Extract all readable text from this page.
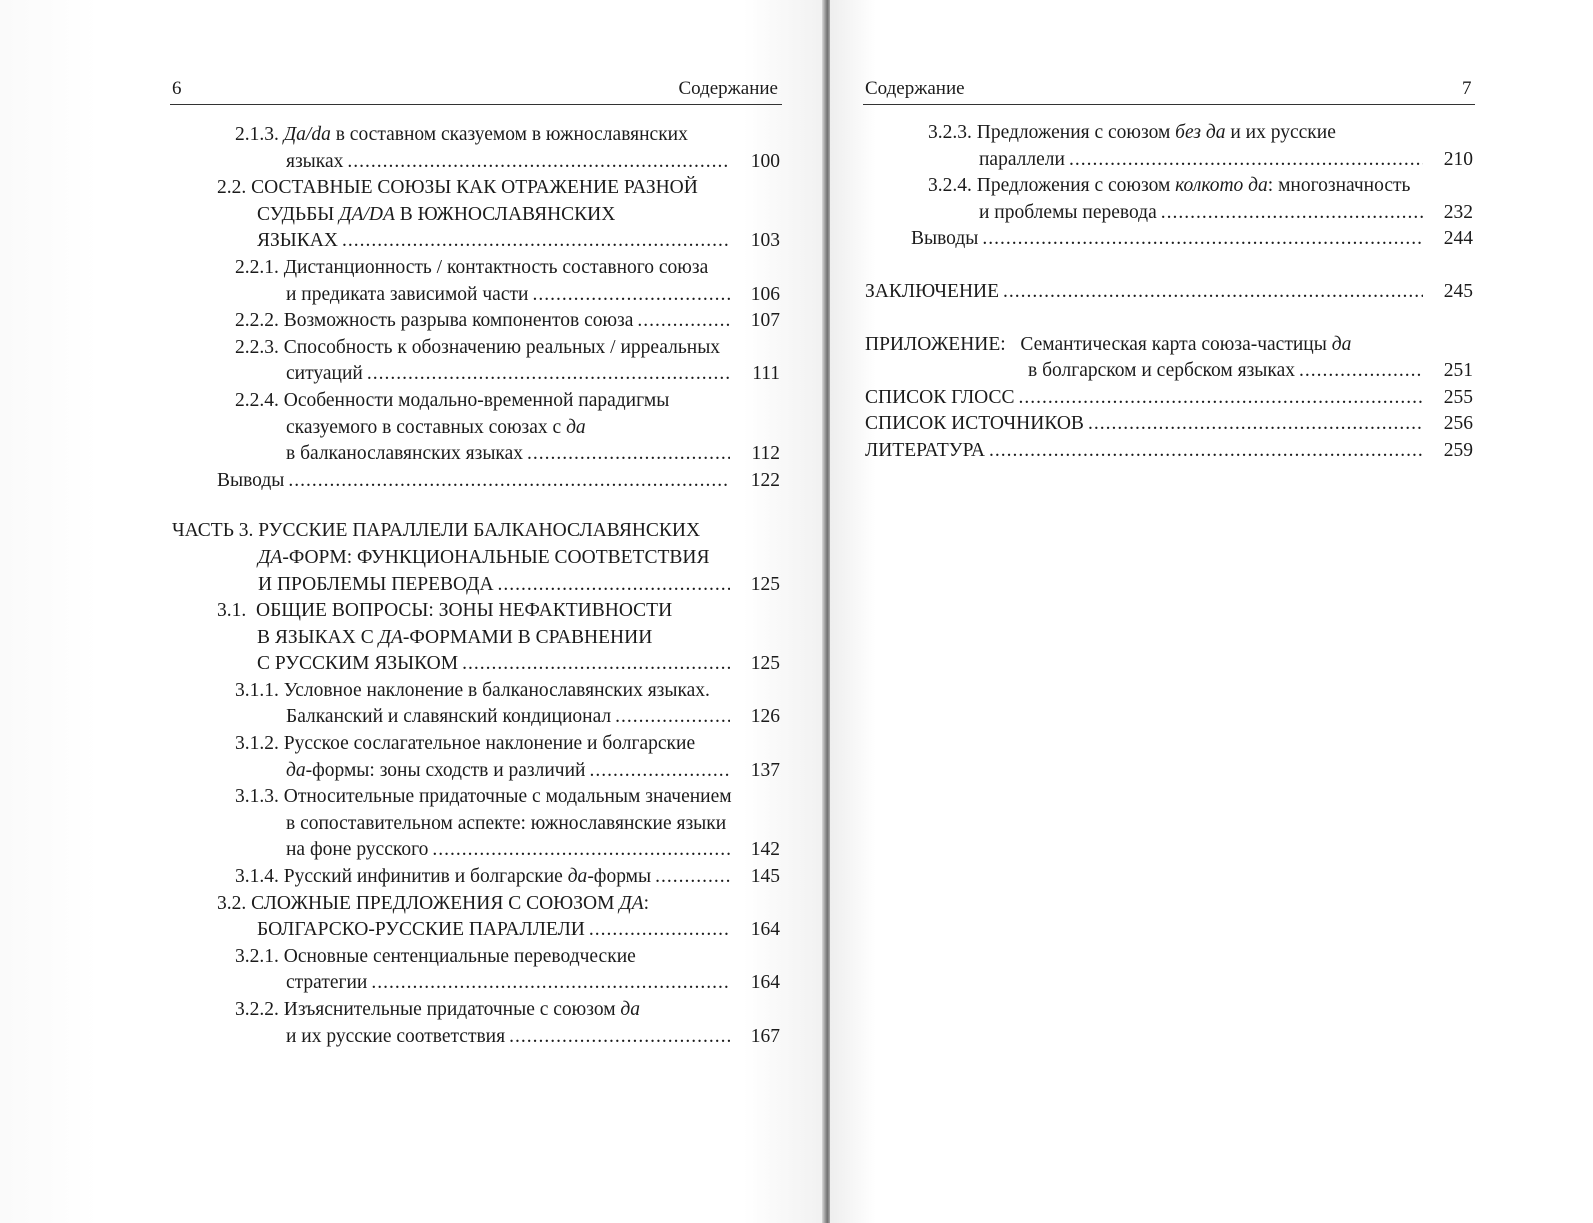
6	Содержание
2.1.3. Да/da в составном сказуемом в южнославянских
языках .....	100
2.2. СОСТАВНЫЕ СОЮЗЫ КАК ОТРАЖЕНИЕ РАЗНОЙ
СУДЬБЫ ДА/DA В ЮЖНОСЛАВЯНСКИХ
ЯЗЫКАХ .....	103
2.2.1. Дистанционность / контактность составного союза
и предиката зависимой части .....	106
2.2.2. Возможность разрыва компонентов союза .....	107
2.2.3. Способность к обозначению реальных / ирреальных
ситуаций .....	111
2.2.4. Особенности модально-временной парадигмы
сказуемого в составных союзах с да
в балканославянских языках .....	112
Выводы .....	122
ЧАСТЬ 3. РУССКИЕ ПАРАЛЛЕЛИ БАЛКАНОСЛАВЯНСКИХ
ДА-ФОРМ: ФУНКЦИОНАЛЬНЫЕ СООТВЕТСТВИЯ
И ПРОБЛЕМЫ ПЕРЕВОДА .....	125
3.1. ОБЩИЕ ВОПРОСЫ: ЗОНЫ НЕФАКТИВНОСТИ
В ЯЗЫКАХ С ДА-ФОРМАМИ В СРАВНЕНИИ
С РУССКИМ ЯЗЫКОМ .....	125
3.1.1. Условное наклонение в балканославянских языках.
Балканский и славянский кондиционал .....	126
3.1.2. Русское сослагательное наклонение и болгарские
да-формы: зоны сходств и различий .....	137
3.1.3. Относительные придаточные с модальным значением
в сопоставительном аспекте: южнославянские языки
на фоне русского .....	142
3.1.4. Русский инфинитив и болгарские да-формы .....	145
3.2. СЛОЖНЫЕ ПРЕДЛОЖЕНИЯ С СОЮЗОМ ДА:
БОЛГАРСКО-РУССКИЕ ПАРАЛЛЕЛИ .....	164
3.2.1. Основные сентенциальные переводческие
стратегии .....	164
3.2.2. Изъяснительные придаточные с союзом да
и их русские соответствия .....	167
Содержание	7
3.2.3. Предложения с союзом без да и их русские
параллели .....	210
3.2.4. Предложения с союзом колкото да: многозначность
и проблемы перевода .....	232
Выводы .....	244
ЗАКЛЮЧЕНИЕ .....	245
ПРИЛОЖЕНИЕ: Семантическая карта союза-частицы да
в болгарском и сербском языках .....	251
СПИСОК ГЛОСС .....	255
СПИСОК ИСТОЧНИКОВ .....	256
ЛИТЕРАТУРА .....	259
